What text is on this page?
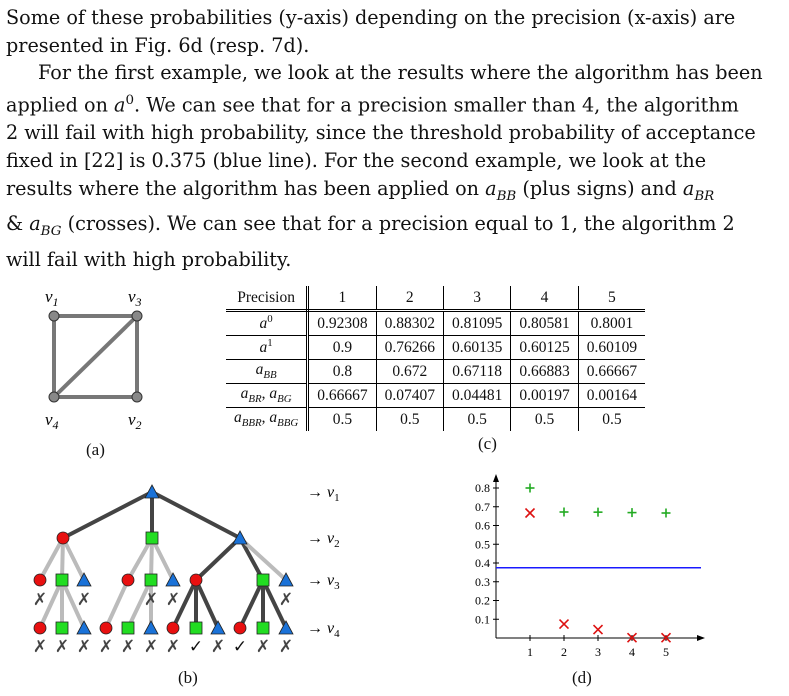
Some of these probabilities (y-axis) depending on the precision (x-axis) are
presented in Fig. 6d (resp. 7d).

For the first example, we look at the results where the algorithm has been
applied on $a^0$. We can see that for a precision smaller than 4, the algorithm
2 will fail with high probability, since the threshold probability of acceptance
fixed in [22] is 0.375 (blue line). For the second example, we look at the
results where the algorithm has been applied on $a_{BB}$ (plus signs) and $a_{BR}$
& $a_{BG}$ (crosses). We can see that for a precision equal to 1, the algorithm 2
will fail with high probability.

$v_1$	$v_3$
$v_4$	$v_2$
(a)
Precision	1	2	3	4	5
$a^0$	0.92308	0.88302	0.81095	0.80581	0.8001
$a^1$	0.9	0.76266	0.60135	0.60125	0.60109
$a_{BB}$	0.8	0.672	0.67118	0.66883	0.66667
$a_{BR}$, $a_{BG}$	0.66667	0.07407	0.04481	0.00197	0.00164
$a_{BBR}$, $a_{BBG}$	0.5	0.5	0.5	0.5	0.5
(c)
✗ ✗	✗ ✗	✗
✗ ✗ ✗ ✗ ✗ ✗ ✗ ✓ ✗ ✓ ✗ ✗
→ $v_1$
→ $v_2$
→ $v_3$
→ $v_4$
(b)
1 2 3 4 5
0.1
0.2
0.3
0.4
0.5
0.6
0.7
0.8
(d)
